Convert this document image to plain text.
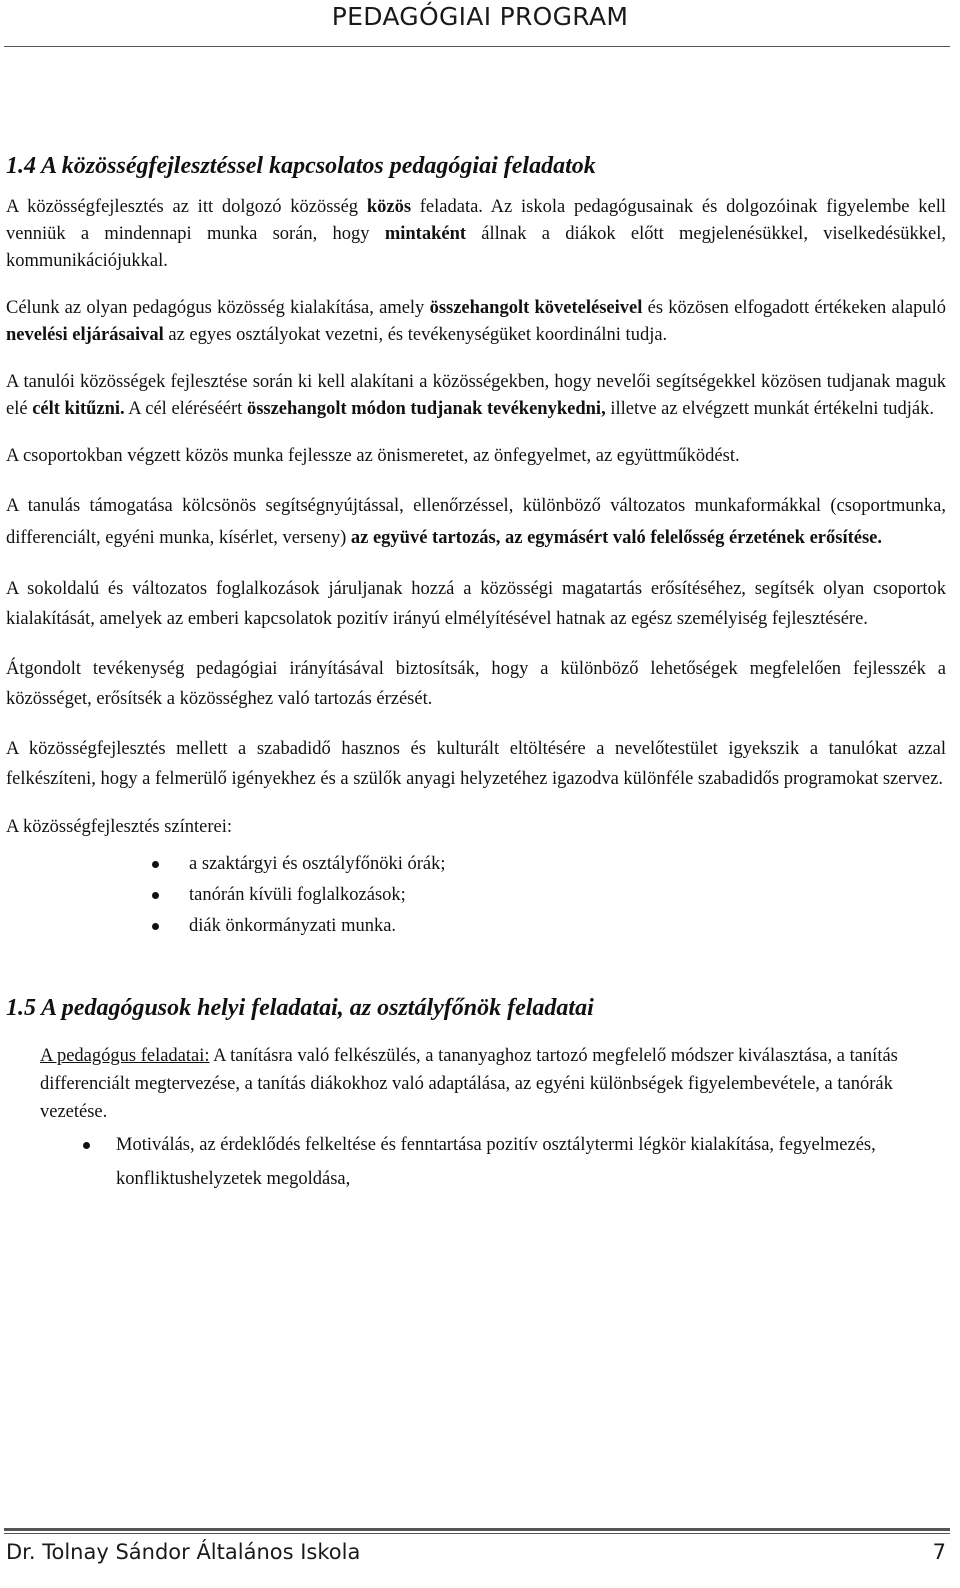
PEDAGÓGIAI PROGRAM
1.4 A közösségfejlesztéssel kapcsolatos pedagógiai feladatok

A közösségfejlesztés az itt dolgozó közösség közös feladata. Az iskola pedagógusainak és dolgozóinak figyelembe kell venniük a mindennapi munka során, hogy mintaként állnak a diákok előtt megjelenésükkel, viselkedésükkel, kommunikációjukkal.

Célunk az olyan pedagógus közösség kialakítása, amely összehangolt követeléseivel és közösen elfogadott értékeken alapuló nevelési eljárásaival az egyes osztályokat vezetni, és tevékenységüket koordinálni tudja.

A tanulói közösségek fejlesztése során ki kell alakítani a közösségekben, hogy nevelői segítségekkel közösen tudjanak maguk elé célt kitűzni. A cél eléréséért összehangolt módon tudjanak tevékenykedni, illetve az elvégzett munkát értékelni tudják.

A csoportokban végzett közös munka fejlessze az önismeretet, az önfegyelmet, az együttműködést.

A tanulás támogatása kölcsönös segítségnyújtással, ellenőrzéssel, különböző változatos munkaformákkal (csoportmunka, differenciált, egyéni munka, kísérlet, verseny) az együvé tartozás, az egymásért való felelősség érzetének erősítése.

A sokoldalú és változatos foglalkozások járuljanak hozzá a közösségi magatartás erősítéséhez, segítsék olyan csoportok kialakítását, amelyek az emberi kapcsolatok pozitív irányú elmélyítésével hatnak az egész személyiség fejlesztésére.

Átgondolt tevékenység pedagógiai irányításával biztosítsák, hogy a különböző lehetőségek megfelelően fejlesszék a közösséget, erősítsék a közösséghez való tartozás érzését.

A közösségfejlesztés mellett a szabadidő hasznos és kulturált eltöltésére a nevelőtestület igyekszik a tanulókat azzal felkészíteni, hogy a felmerülő igényekhez és a szülők anyagi helyzetéhez igazodva különféle szabadidős programokat szervez.

A közösségfejlesztés színterei:

a szaktárgyi és osztályfőnöki órák;
tanórán kívüli foglalkozások;
diák önkormányzati munka.
1.5 A pedagógusok helyi feladatai, az osztályfőnök feladatai

A pedagógus feladatai: A tanításra való felkészülés, a tananyaghoz tartozó megfelelő módszer kiválasztása, a tanítás differenciált megtervezése, a tanítás diákokhoz való adaptálása, az egyéni különbségek figyelembevétele, a tanórák vezetése.

Motiválás, az érdeklődés felkeltése és fenntartása pozitív osztálytermi légkör kialakítása, fegyelmezés, konfliktushelyzetek megoldása,
Dr. Tolnay Sándor Általános Iskola	7
